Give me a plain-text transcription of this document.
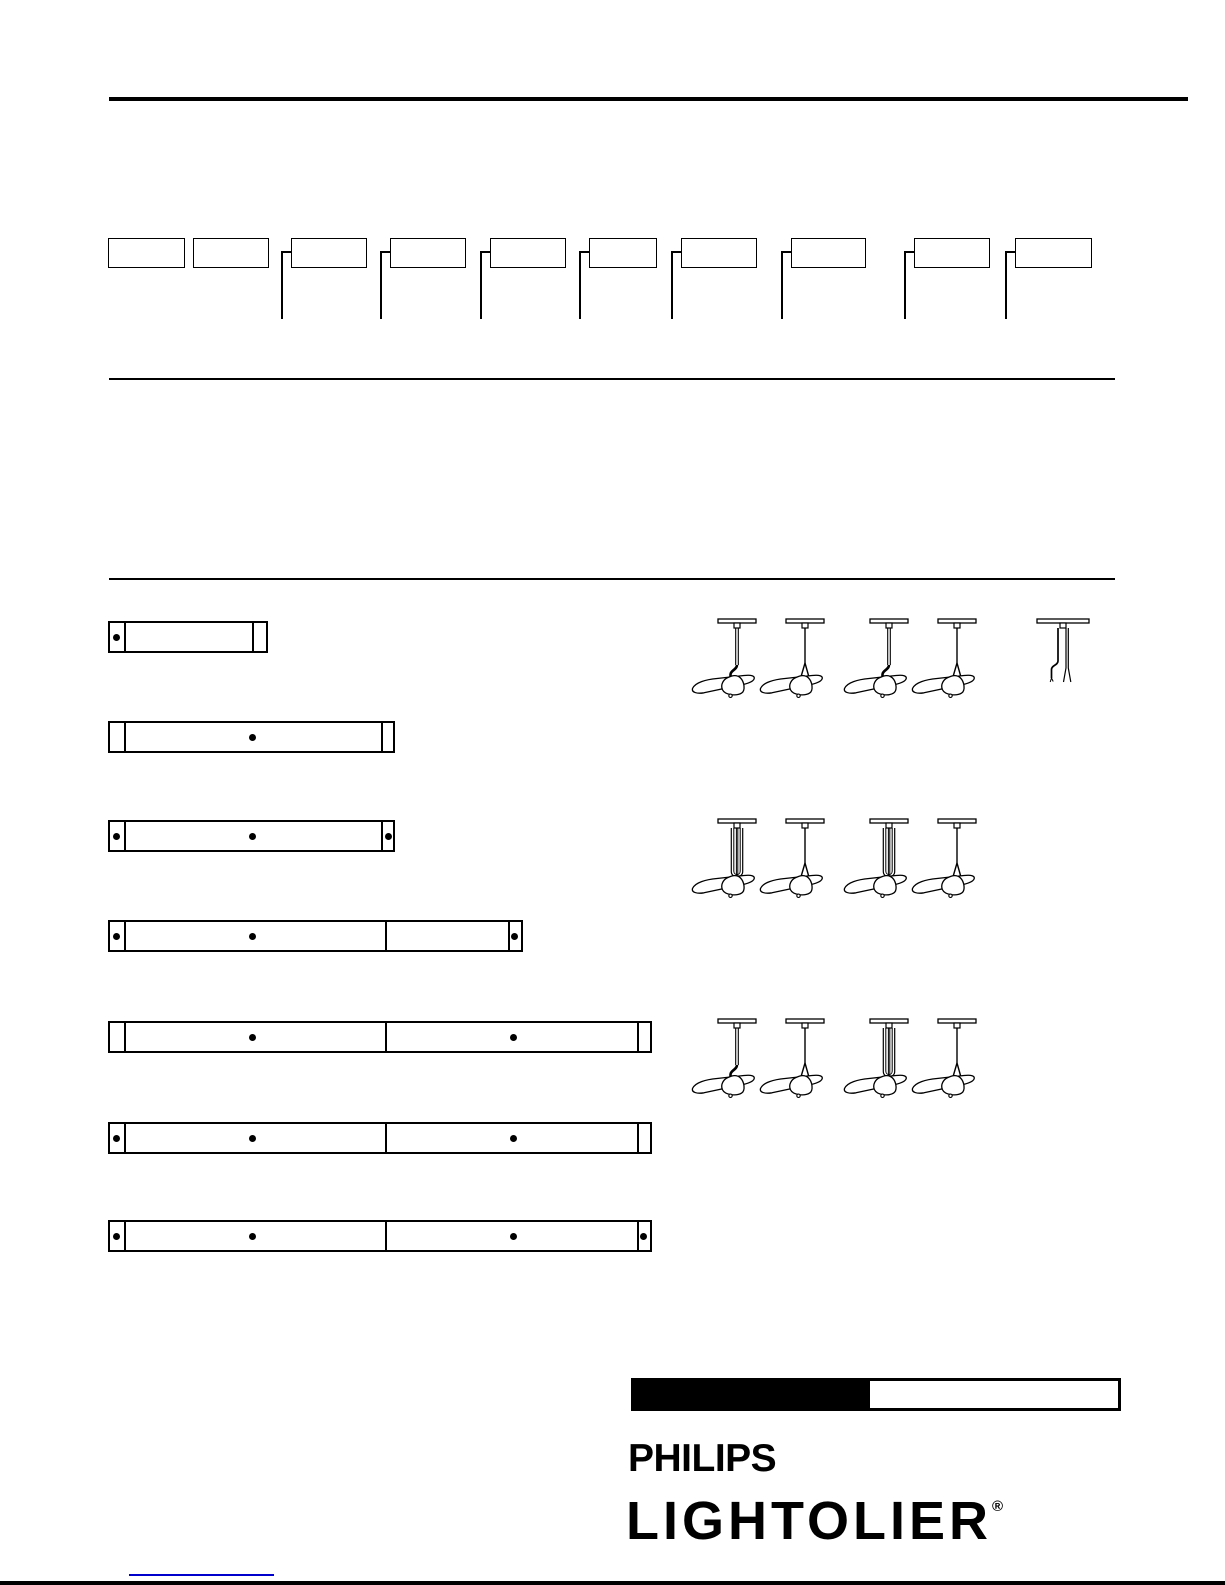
PHILIPS
LIGHTOLIER®
